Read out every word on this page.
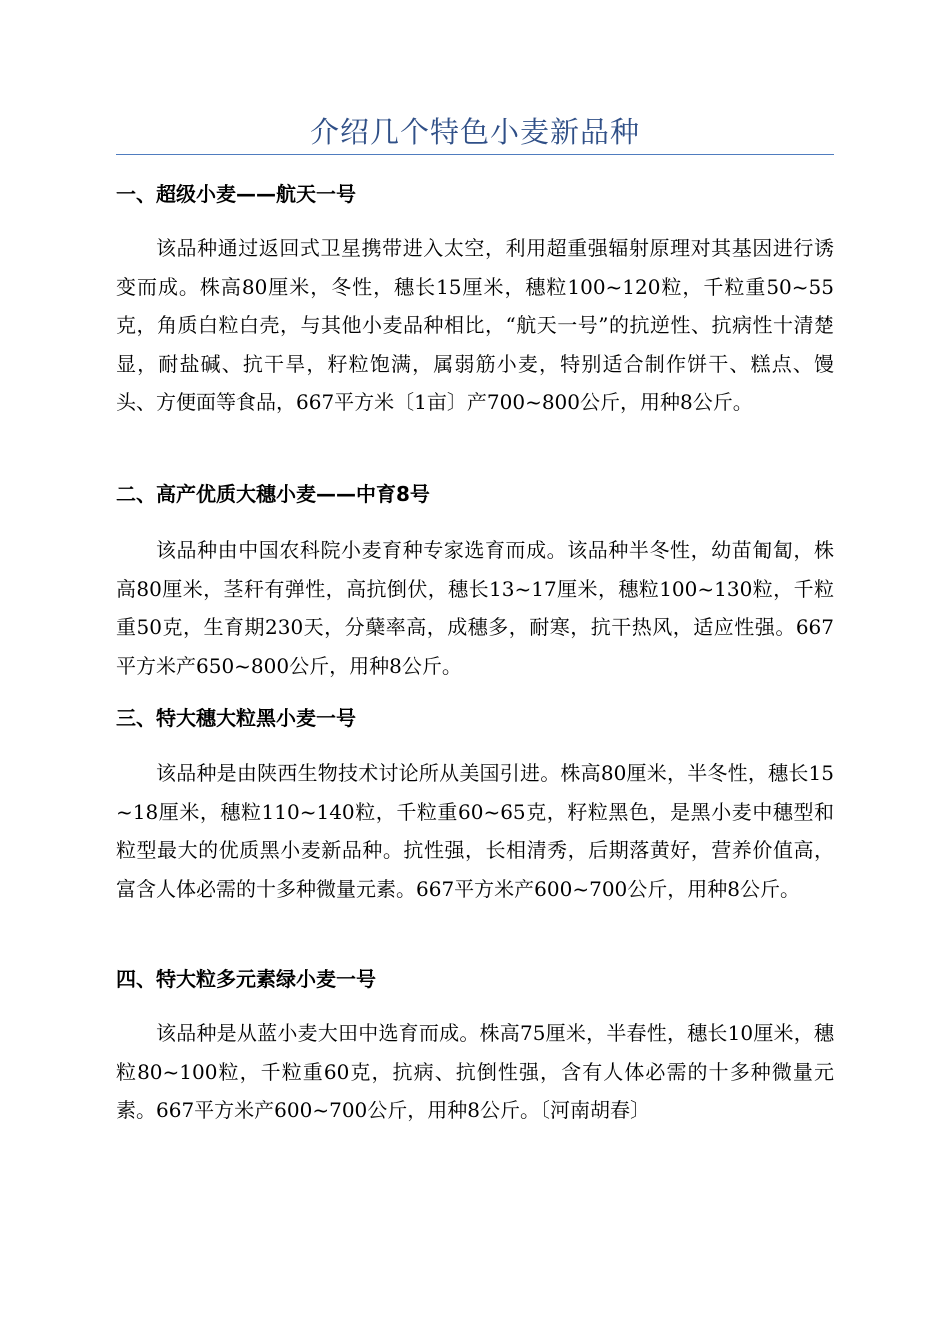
介绍几个特色小麦新品种
一、超级小麦——航天一号

该品种通过返回式卫星携带进入太空，利用超重强辐射原理对其基因进行诱变而成。株高80厘米，冬性，穗长15厘米，穗粒100~120粒，千粒重50~55克，角质白粒白壳，与其他小麦品种相比，“航天一号”的抗逆性、抗病性十清楚显，耐盐碱、抗干旱，籽粒饱满，属弱筋小麦，特别适合制作饼干、糕点、馒头、方便面等食品，667平方米〔1亩〕产700~800公斤，用种8公斤。

二、高产优质大穗小麦——中育8号

该品种由中国农科院小麦育种专家选育而成。该品种半冬性，幼苗匍匐，株高80厘米，茎秆有弹性，高抗倒伏，穗长13~17厘米，穗粒100~130粒，千粒重50克，生育期230天，分蘖率高，成穗多，耐寒，抗干热风，适应性强。667平方米产650~800公斤，用种8公斤。

三、特大穗大粒黑小麦一号

该品种是由陕西生物技术讨论所从美国引进。株高80厘米，半冬性，穗长15~18厘米，穗粒110~140粒，千粒重60~65克，籽粒黑色，是黑小麦中穗型和粒型最大的优质黑小麦新品种。抗性强，长相清秀，后期落黄好，营养价值高，富含人体必需的十多种微量元素。667平方米产600~700公斤，用种8公斤。

四、特大粒多元素绿小麦一号

该品种是从蓝小麦大田中选育而成。株高75厘米，半春性，穗长10厘米，穗粒80~100粒，千粒重60克，抗病、抗倒性强，含有人体必需的十多种微量元素。667平方米产600~700公斤，用种8公斤。〔河南胡春〕
